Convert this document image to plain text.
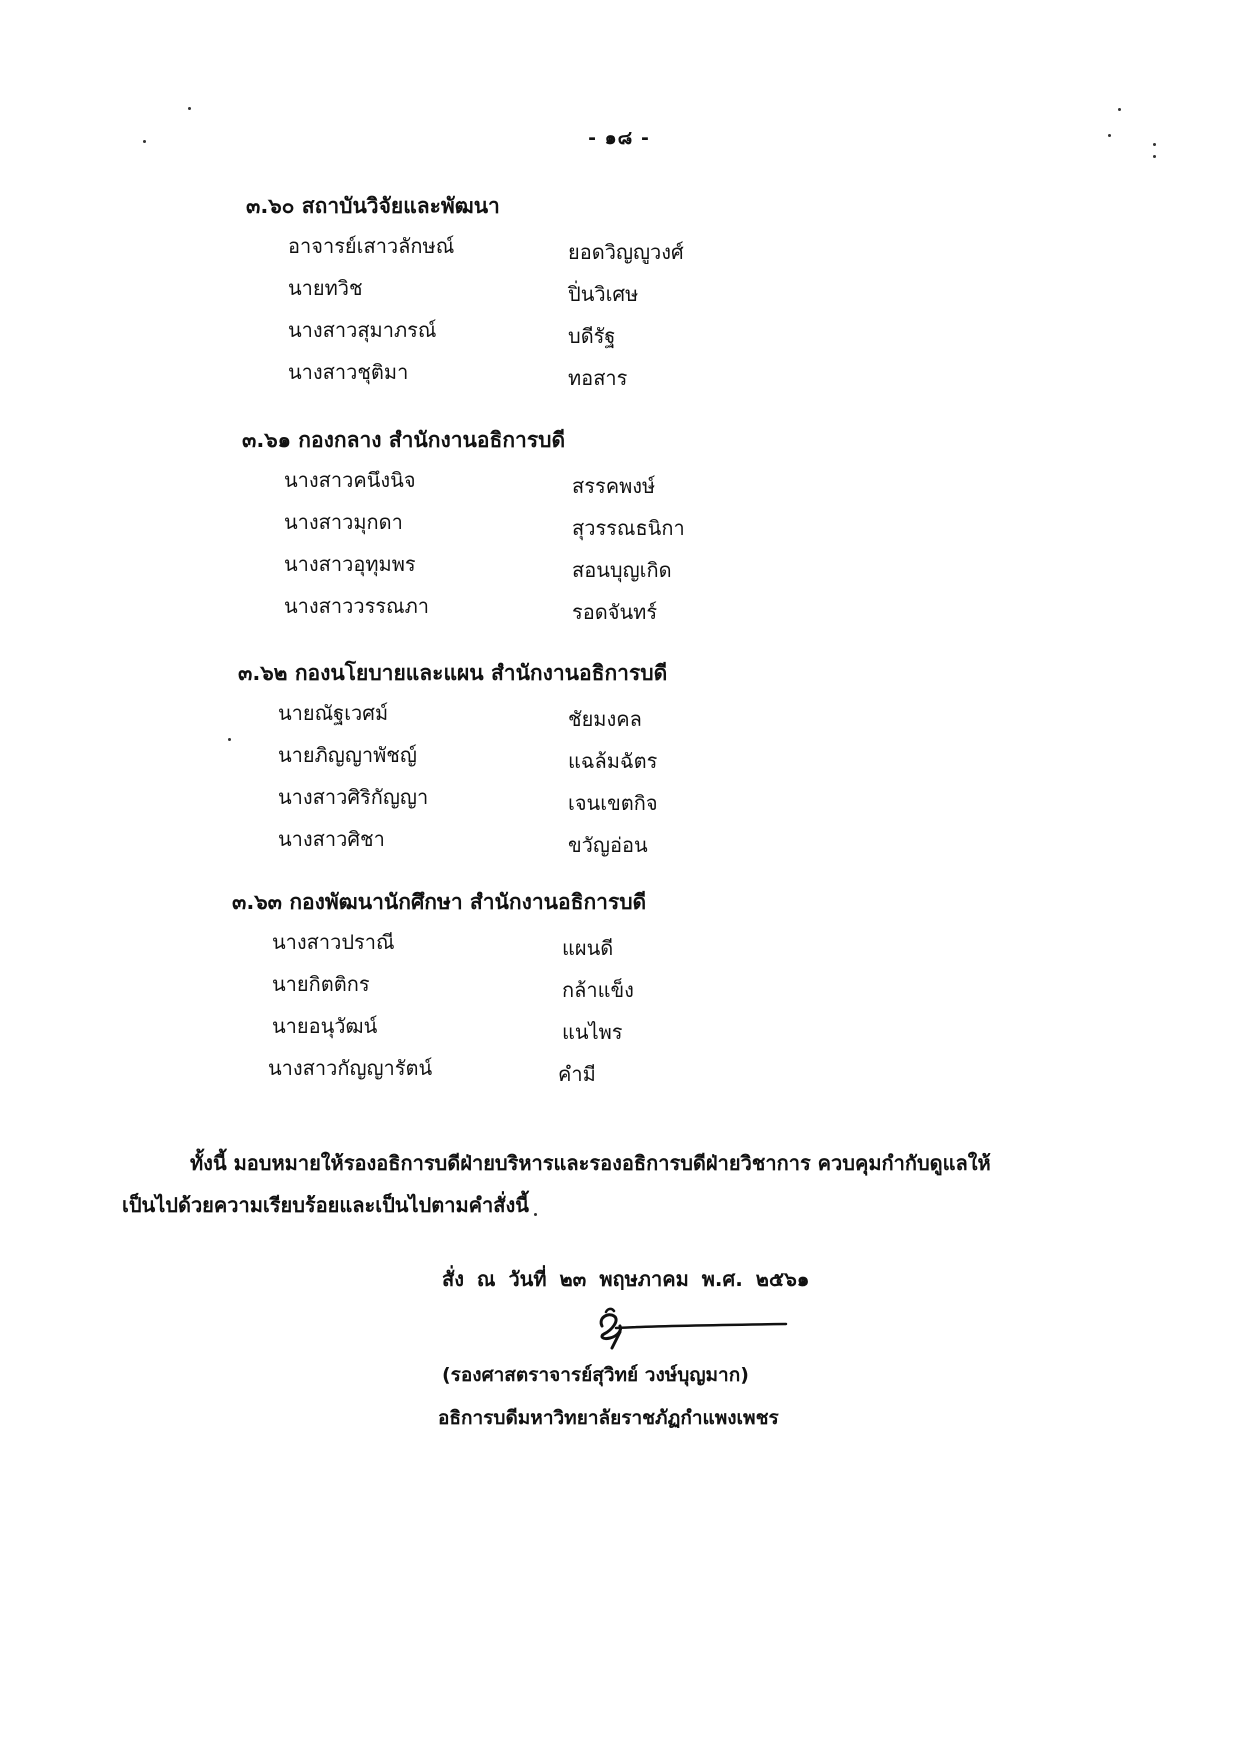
- ๑๘ -
๓.๖๐ สถาบันวิจัยและพัฒนา
อาจารย์เสาวลักษณ์	ยอดวิญญูวงศ์
นายทวิช	ปิ่นวิเศษ
นางสาวสุมาภรณ์	บดีรัฐ
นางสาวชุติมา	ทอสาร
๓.๖๑ กองกลาง สำนักงานอธิการบดี
นางสาวคนึงนิจ	สรรคพงษ์
นางสาวมุกดา	สุวรรณธนิกา
นางสาวอุทุมพร	สอนบุญเกิด
นางสาววรรณภา	รอดจันทร์
๓.๖๒ กองนโยบายและแผน สำนักงานอธิการบดี
นายณัฐเวศม์	ชัยมงคล
นายภิญญาพัชญ์	แฉล้มฉัตร
นางสาวศิริกัญญา	เจนเขตกิจ
นางสาวศิชา	ขวัญอ่อน
๓.๖๓ กองพัฒนานักศึกษา สำนักงานอธิการบดี
นางสาวปราณี	แผนดี
นายกิตติกร	กล้าแข็ง
นายอนุวัฒน์	แนไพร
นางสาวกัญญารัตน์	คำมี
ทั้งนี้ มอบหมายให้รองอธิการบดีฝ่ายบริหารและรองอธิการบดีฝ่ายวิชาการ ควบคุมกำกับดูแลให้
เป็นไปด้วยความเรียบร้อยและเป็นไปตามคำสั่งนี้
สั่ง ณ วันที่ ๒๓ พฤษภาคม พ.ศ. ๒๕๖๑
(รองศาสตราจารย์สุวิทย์ วงษ์บุญมาก)
อธิการบดีมหาวิทยาลัยราชภัฏกำแพงเพชร
